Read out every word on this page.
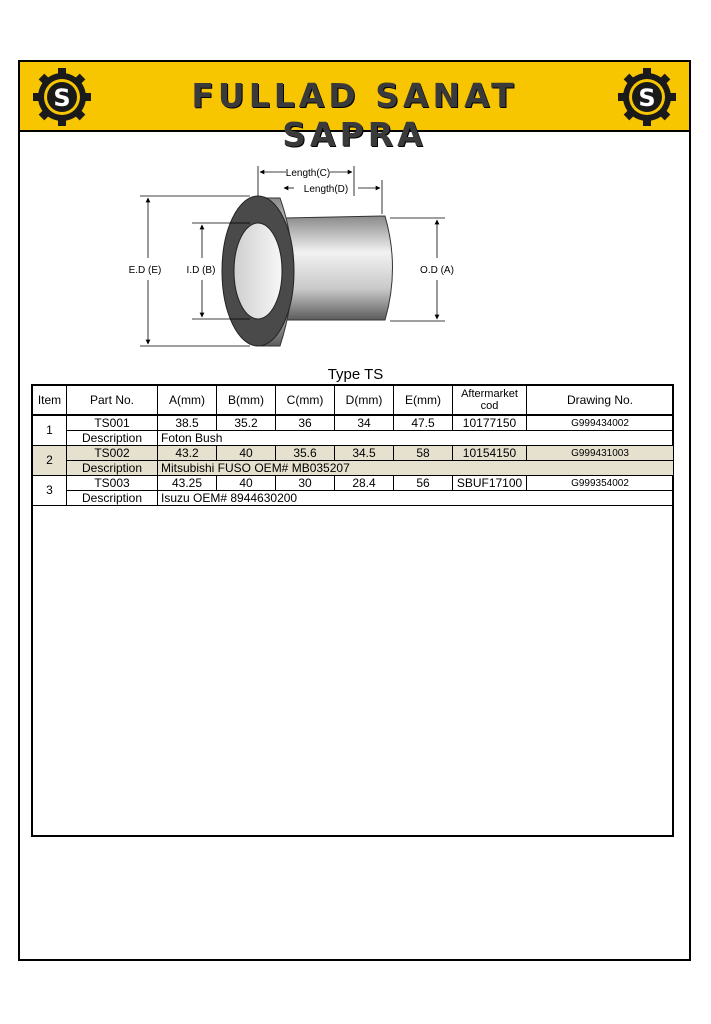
S	FULLAD SANAT SAPRA
S
Length(C)
Length(D)
E.D (E)	I.D (B)	O.D (A)
Type TS
Item	Part No.	A(mm)	B(mm)	C(mm)	D(mm)	E(mm)	Aftermarket cod	Drawing No.
1	TS001	38.5	35.2	36	34	47.5	10177150	G999434002
	Description	Foton Bush						
2	TS002	43.2	40	35.6	34.5	58	10154150	G999431003
	Description	Mitsubishi FUSO OEM# MB035207						
3	TS003	43.25	40	30	28.4	56	SBUF17100	G999354002
	Description	Isuzu OEM# 8944630200						
